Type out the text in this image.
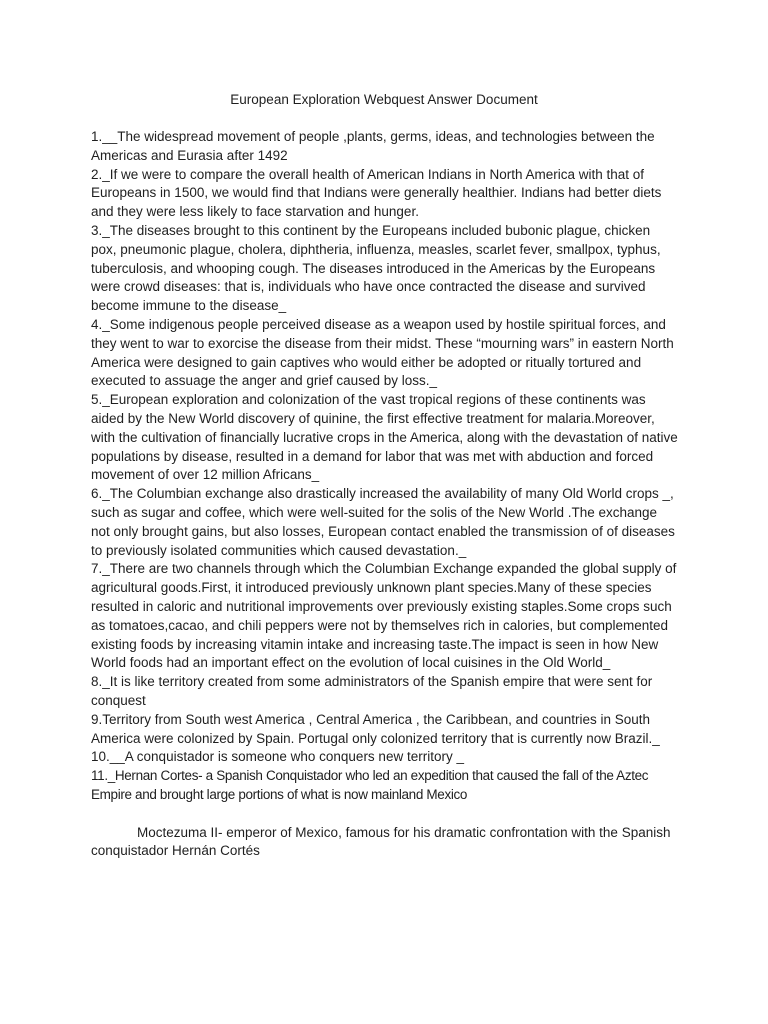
European Exploration Webquest Answer Document

1.__The widespread movement of people ,plants, germs, ideas, and technologies between the Americas and Eurasia after 1492

2._If we were to compare the overall health of American Indians in North America with that of Europeans in 1500, we would find that Indians were generally healthier. Indians had better diets and they were less likely to face starvation and hunger.

3._The diseases brought to this continent by the Europeans included bubonic plague, chicken pox, pneumonic plague, cholera, diphtheria, influenza, measles, scarlet fever, smallpox, typhus, tuberculosis, and whooping cough. The diseases introduced in the Americas by the Europeans were crowd diseases: that is, individuals who have once contracted the disease and survived become immune to the disease_

4._Some indigenous people perceived disease as a weapon used by hostile spiritual forces, and they went to war to exorcise the disease from their midst. These “mourning wars” in eastern North America were designed to gain captives who would either be adopted or ritually tortured and executed to assuage the anger and grief caused by loss._

5._European exploration and colonization of the vast tropical regions of these continents was aided by the New World discovery of quinine, the first effective treatment for malaria.Moreover, with the cultivation of financially lucrative crops in the America, along with the devastation of native populations by disease, resulted in a demand for labor that was met with abduction and forced movement of over 12 million Africans_

6._The Columbian exchange also drastically increased the availability of many Old World crops _, such as sugar and coffee, which were well-suited for the solis of the New World .The exchange not only brought gains, but also losses, European contact enabled the transmission of of diseases to previously isolated communities which caused devastation._

7._There are two channels through which the Columbian Exchange expanded the global supply of agricultural goods.First, it introduced previously unknown plant species.Many of these species resulted in caloric and nutritional improvements over previously existing staples.Some crops such as tomatoes,cacao, and chili peppers were not by themselves rich in calories, but complemented existing foods by increasing vitamin intake and increasing taste.The impact is seen in how New World foods had an important effect on the evolution of local cuisines in the Old World_

8._It is like territory created from some administrators of the Spanish empire that were sent for conquest

9.Territory from South west America , Central America , the Caribbean, and countries in South America were colonized by Spain. Portugal only colonized territory that is currently now Brazil._

10.__A conquistador is someone who conquers new territory _

11._Hernan Cortes- a Spanish Conquistador who led an expedition that caused the fall of the Aztec Empire and brought large portions of what is now mainland Mexico

Moctezuma II- emperor of Mexico, famous for his dramatic confrontation with the Spanish conquistador Hernán Cortés
